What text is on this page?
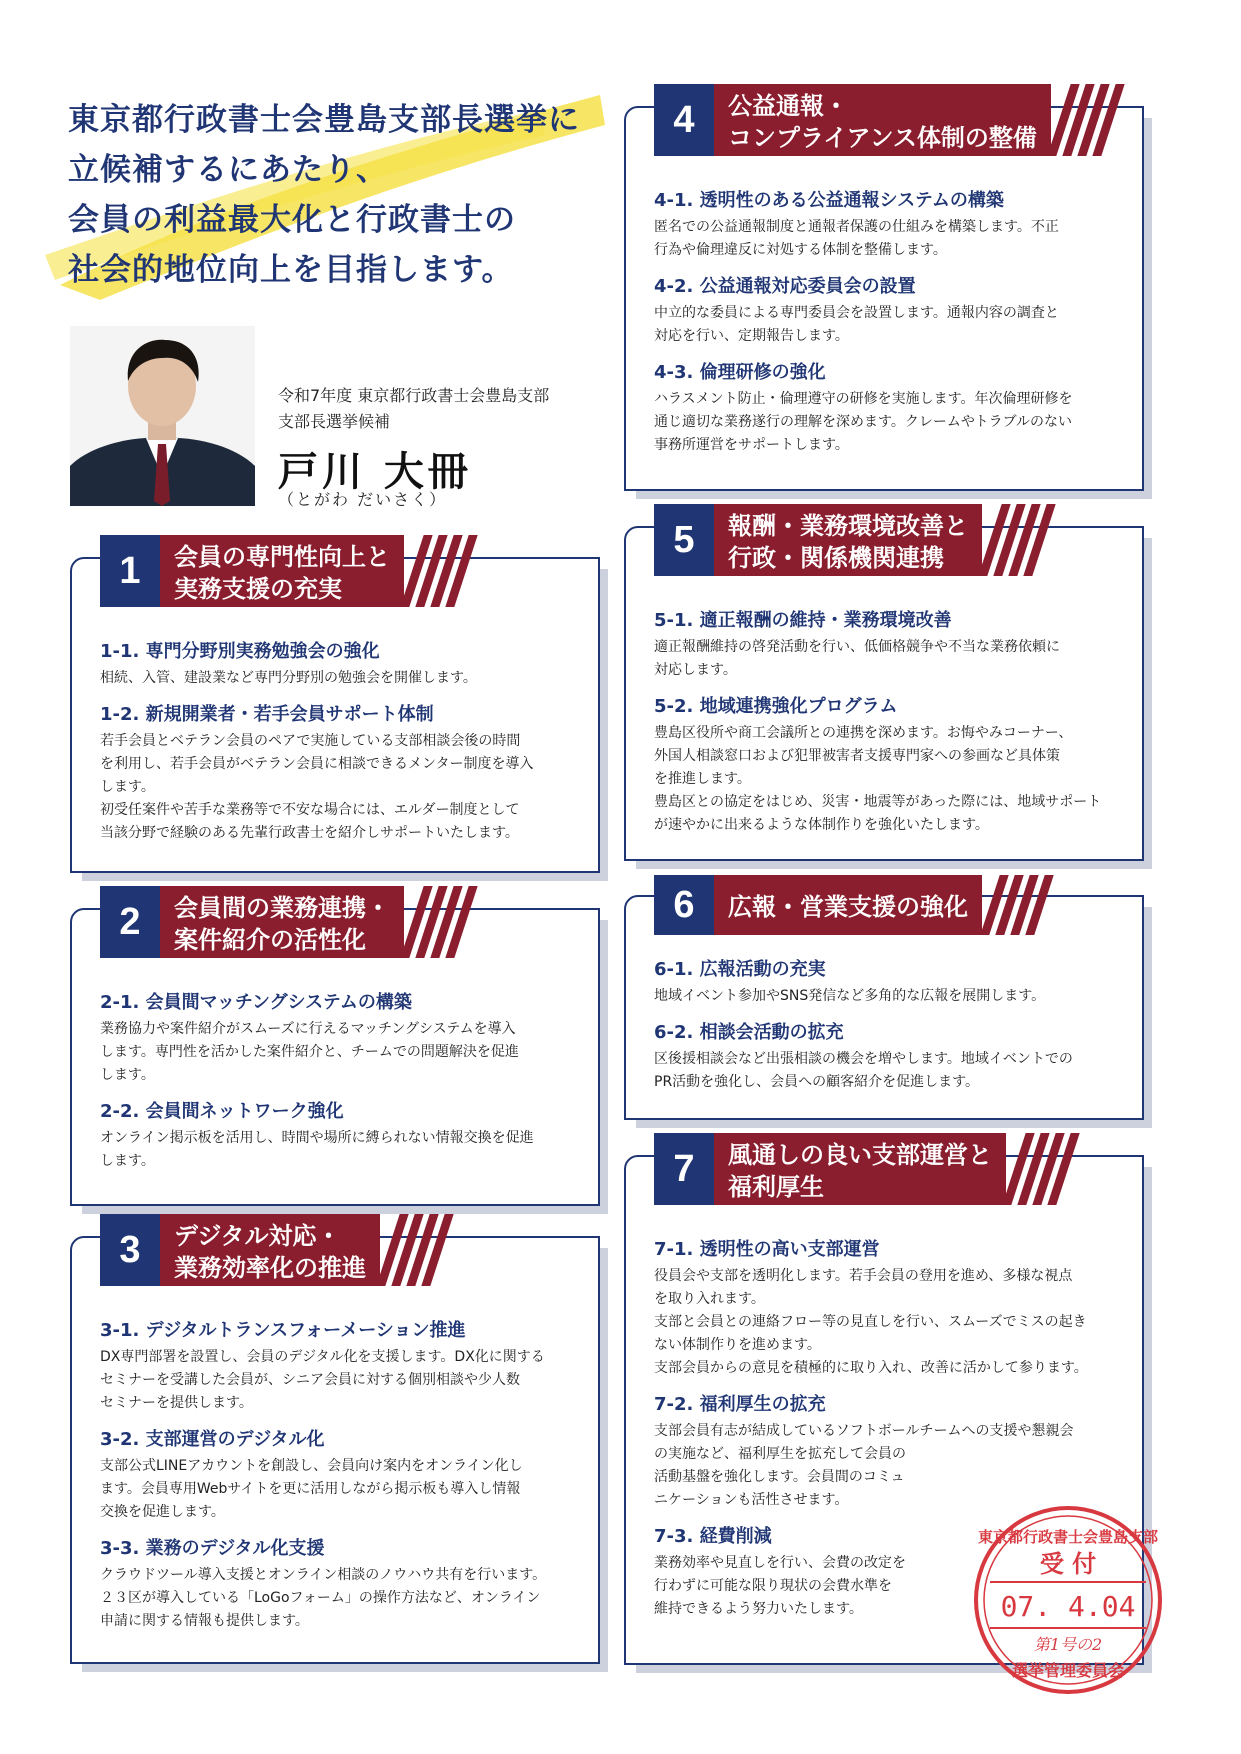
東京都行政書士会豊島支部長選挙に
立候補するにあたり、
会員の利益最大化と行政書士の
社会的地位向上を目指します。
令和7年度 東京都行政書士会豊島支部
支部長選挙候補
戸川 大冊
（とがわ だいさく）
1	会員の専門性向上と
実務支援の充実
1-1. 専門分野別実務勉強会の強化
相続、入管、建設業など専門分野別の勉強会を開催します。
1-2. 新規開業者・若手会員サポート体制
若手会員とベテラン会員のペアで実施している支部相談会後の時間
を利用し、若手会員がベテラン会員に相談できるメンター制度を導入
します。
初受任案件や苦手な業務等で不安な場合には、エルダー制度として
当該分野で経験のある先輩行政書士を紹介しサポートいたします。
2	会員間の業務連携・
案件紹介の活性化
2-1. 会員間マッチングシステムの構築
業務協力や案件紹介がスムーズに行えるマッチングシステムを導入
します。専門性を活かした案件紹介と、チームでの問題解決を促進
します。
2-2. 会員間ネットワーク強化
オンライン掲示板を活用し、時間や場所に縛られない情報交換を促進
します。
3	デジタル対応・
業務効率化の推進
3-1. デジタルトランスフォーメーション推進
DX専門部署を設置し、会員のデジタル化を支援します。DX化に関する
セミナーを受講した会員が、シニア会員に対する個別相談や少人数
セミナーを提供します。
3-2. 支部運営のデジタル化
支部公式LINEアカウントを創設し、会員向け案内をオンライン化し
ます。会員専用Webサイトを更に活用しながら掲示板も導入し情報
交換を促進します。
3-3. 業務のデジタル化支援
クラウドツール導入支援とオンライン相談のノウハウ共有を行います。
２３区が導入している「LoGoフォーム」の操作方法など、オンライン
申請に関する情報も提供します。
4	公益通報・
コンプライアンス体制の整備
4-1. 透明性のある公益通報システムの構築
匿名での公益通報制度と通報者保護の仕組みを構築します。不正
行為や倫理違反に対処する体制を整備します。
4-2. 公益通報対応委員会の設置
中立的な委員による専門委員会を設置します。通報内容の調査と
対応を行い、定期報告します。
4-3. 倫理研修の強化
ハラスメント防止・倫理遵守の研修を実施します。年次倫理研修を
通じ適切な業務遂行の理解を深めます。クレームやトラブルのない
事務所運営をサポートします。
5	報酬・業務環境改善と
行政・関係機関連携
5-1. 適正報酬の維持・業務環境改善
適正報酬維持の啓発活動を行い、低価格競争や不当な業務依頼に
対応します。
5-2. 地域連携強化プログラム
豊島区役所や商工会議所との連携を深めます。お悔やみコーナー、
外国人相談窓口および犯罪被害者支援専門家への参画など具体策
を推進します。
豊島区との協定をはじめ、災害・地震等があった際には、地域サポート
が速やかに出来るような体制作りを強化いたします。
6	広報・営業支援の強化
6-1. 広報活動の充実
地域イベント参加やSNS発信など多角的な広報を展開します。
6-2. 相談会活動の拡充
区後援相談会など出張相談の機会を増やします。地域イベントでの
PR活動を強化し、会員への顧客紹介を促進します。
7	風通しの良い支部運営と
福利厚生
7-1. 透明性の高い支部運営
役員会や支部を透明化します。若手会員の登用を進め、多様な視点
を取り入れます。
支部と会員との連絡フロー等の見直しを行い、スムーズでミスの起き
ない体制作りを進めます。
支部会員からの意見を積極的に取り入れ、改善に活かして参ります。
7-2. 福利厚生の拡充
支部会員有志が結成しているソフトボールチームへの支援や懇親会
の実施など、福利厚生を拡充して会員の
活動基盤を強化します。会員間のコミュ
ニケーションも活性させます。
7-3. 経費削減
業務効率や見直しを行い、会費の改定を
行わずに可能な限り現状の会費水準を
維持できるよう努力いたします。
東京都行政書士会豊島支部
受 付
07. 4.04
第1号の2
選挙管理委員会
